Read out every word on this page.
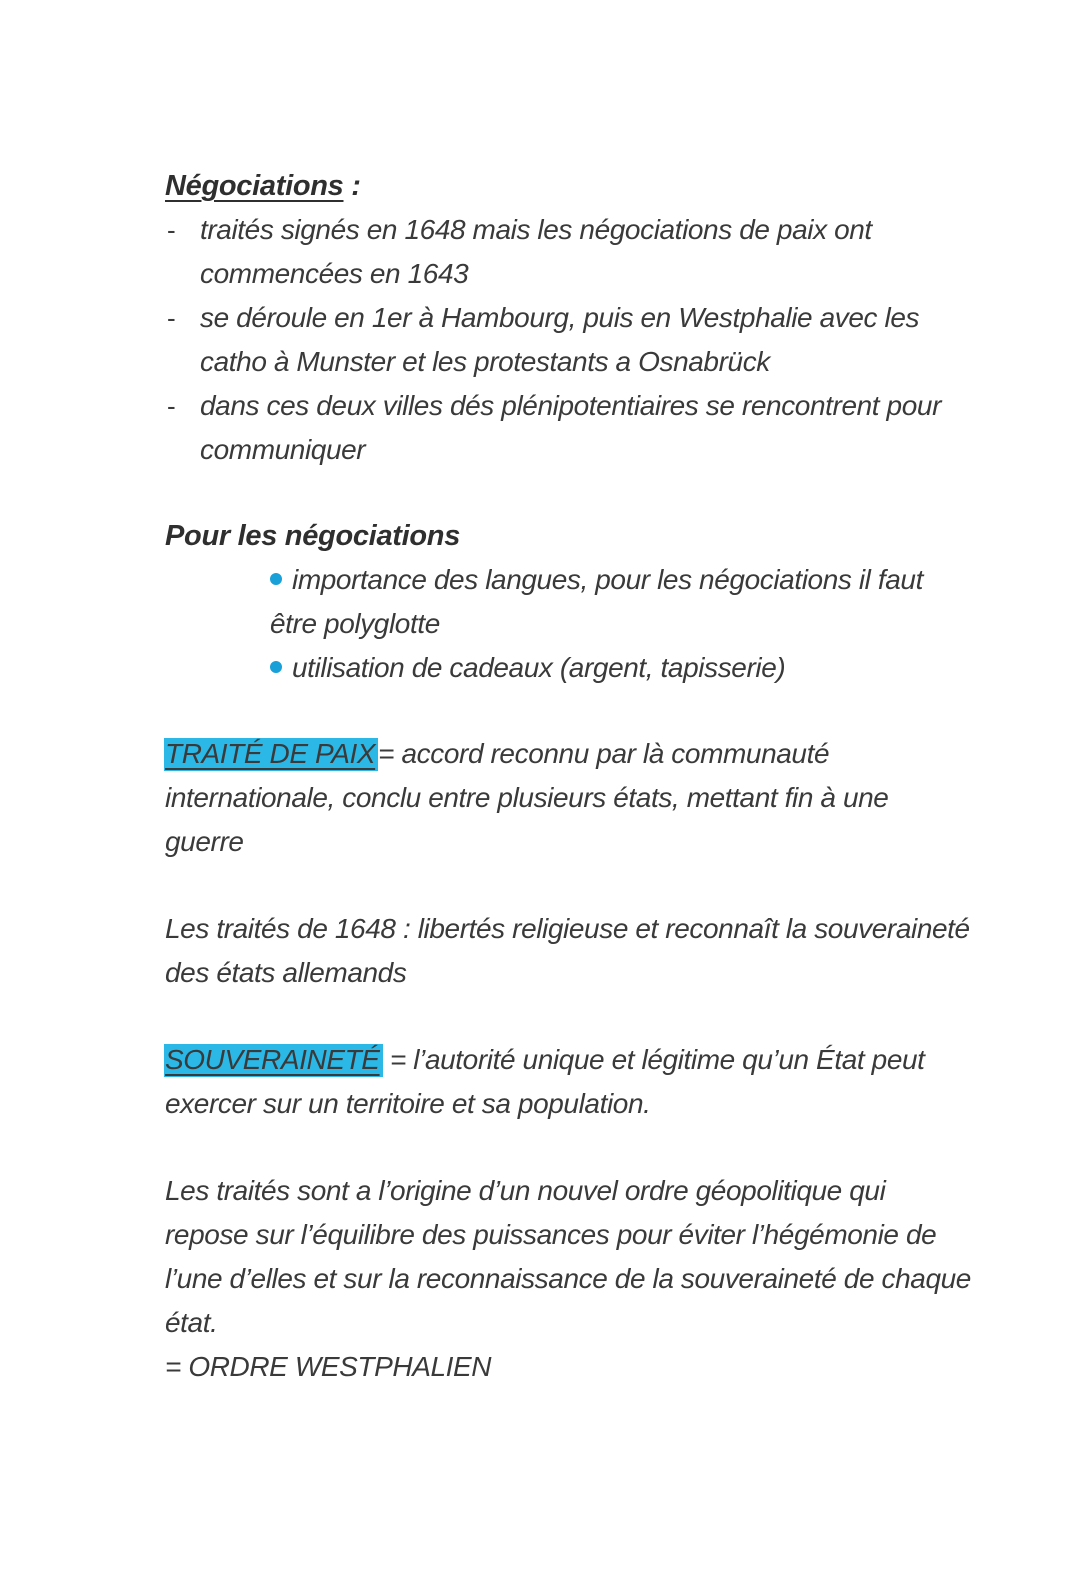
Négociations :
- traités signés en 1648 mais les négociations de paix ont
commencées en 1643
- se déroule en 1er à Hambourg, puis en Westphalie avec les
catho à Munster et les protestants a Osnabrück
- dans ces deux villes dés plénipotentiaires se rencontrent pour
communiquer
Pour les négociations
importance des langues, pour les négociations il faut
être polyglotte
utilisation de cadeaux (argent, tapisserie)
TRAITÉ DE PAIX = accord reconnu par là communauté
internationale, conclu entre plusieurs états, mettant fin à une
guerre
Les traités de 1648 : libertés religieuse et reconnaît la souveraineté
des états allemands
SOUVERAINETÉ = l’autorité unique et légitime qu’un État peut
exercer sur un territoire et sa population.
Les traités sont a l’origine d’un nouvel ordre géopolitique qui
repose sur l’équilibre des puissances pour éviter l’hégémonie de
l’une d’elles et sur la reconnaissance de la souveraineté de chaque
état.
= ORDRE WESTPHALIEN
